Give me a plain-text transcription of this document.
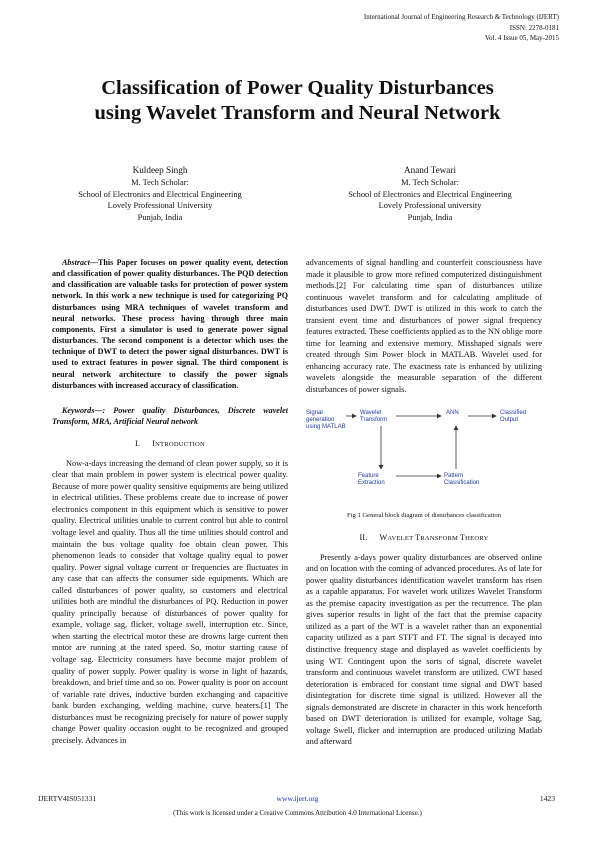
International Journal of Engineering Research & Technology (IJERT)
ISSN: 2278-0181
Vol. 4 Issue 05, May-2015
Classification of Power Quality Disturbances
using Wavelet Transform and Neural Network
Kuldeep Singh
M. Tech Scholar:
School of Electronics and Electrical Engineering
Lovely Professional University
Punjab, India
Anand Tewari
M. Tech Scholar:
School of Electronics and Electrical Engineering
Lovely Professional university
Punjab, India

Abstract—This Paper focuses on power quality event, detection and classification of power quality disturbances. The PQD detection and classification are valuable tasks for protection of power system network. In this work a new technique is used for categorizing PQ disturbances using MRA techniques of wavelet transform and neural networks. These process having through three main components. First a simulator is used to generate power signal disturbances. The second component is a detector which uses the technique of DWT to detect the power signal disturbances. DWT is used to extract features in power signal. The third component is neural network architecture to classify the power signals disturbances with increased accuracy of classification.

Keywords—: Power quality Disturbances, Discrete wavelet Transform, MRA, Artificial Neural network

I. INTRODUCTION

Now-a-days increasing the demand of clean power supply, so it is clear that main problem in power system is electrical power quality. Because of more power quality sensitive equipments are being utilized in electrical utilities. These problems create due to increase of power electronics component in this equipment which is sensitive to power quality. Electrical utilities unable to current control but able to control voltage level and quality. Thus all the time utilities should control and maintain the bus voltage quality foe obtain clean power. This phenomenon leads to consider that voltage quality equal to power quality. Power signal voltage current or frequencies are fluctuates in any case that can affects the consumer side equipments. Which are called disturbances of power quality, so customers and electrical utilities both are mindful the disturbances of PQ. Reduction in power quality principally because of disturbances of power quality for example, voltage sag, flicker, voltage swell, interruption etc. Since, when starting the electrical motor these are drowns large current then motor are running at the rated speed. So, motor starting cause of voltage sag. Electricity consumers have become major problem of quality of power supply. Power quality is worse in light of hazards, breakdown, and brief time and so on. Power quality is poor on account of variable rate drives, inductive burden exchanging and capacitive bank burden exchanging, welding machine, curve heaters.[1] The disturbances must be recognizing precisely for nature of power supply change Power quality occasion ought to be recognized and grouped precisely. Advances in

advancements of signal handling and counterfeit consciousness have made it plausible to grow more refined computerized distinguishment methods.[2] For calculating time span of disturbances utilize continuous wavelet transform and for calculating amplitude of disturbances used DWT. DWT is utilized in this work to catch the transient event time and disturbances of power signal frequency features extracted. These coefficients applied as to the NN oblige more time for learning and extensive memory. Misshaped signals were created through Sim Power block in MATLAB. Wavelet used for enhancing accuracy rate. The exactness rate is enhanced by utilizing wavelets alongside the measurable separation of the different disturbances of power signals.

Signal generation using MATLAB
Wavelet Transform
ANN	Classified Output
Feature Extraction
Pattern Classification
Fig 1 General block diagram of disturbances classification
II. WAVELET TRANSFORM THEORY

Presently a-days power quality disturbances are observed online and on location with the coming of advanced procedures. As of late for power quality disturbances identification wavelet transform has risen as a capable apparatus. For wavelet work utilizes Wavelet Transform as the premise capacity investigation as per the recurrence. The plan gives superior results in light of the fact that the premise capacity utilized as a part of the WT is a wavelet rather than an exponential capacity utilized as a part STFT and FT. The signal is decayed into distinctive frequency stage and displayed as wavelet coefficients by using WT. Contingent upon the sorts of signal, discrete wavelet transform and continuous wavelet transform are utilized. CWT based deterioration is embraced for constant time signal and DWT based disintegration for discrete time signal is utilized. However all the signals demonstrated are discrete in character in this work henceforth based on DWT deterioration is utilized for example, voltage Sag, voltage Swell, flicker and interruption are produced utilizing Matlab and afterward

IJERTV4IS051331	www.ijert.org	1423
(This work is licensed under a Creative Commons Attribution 4.0 International License.)
